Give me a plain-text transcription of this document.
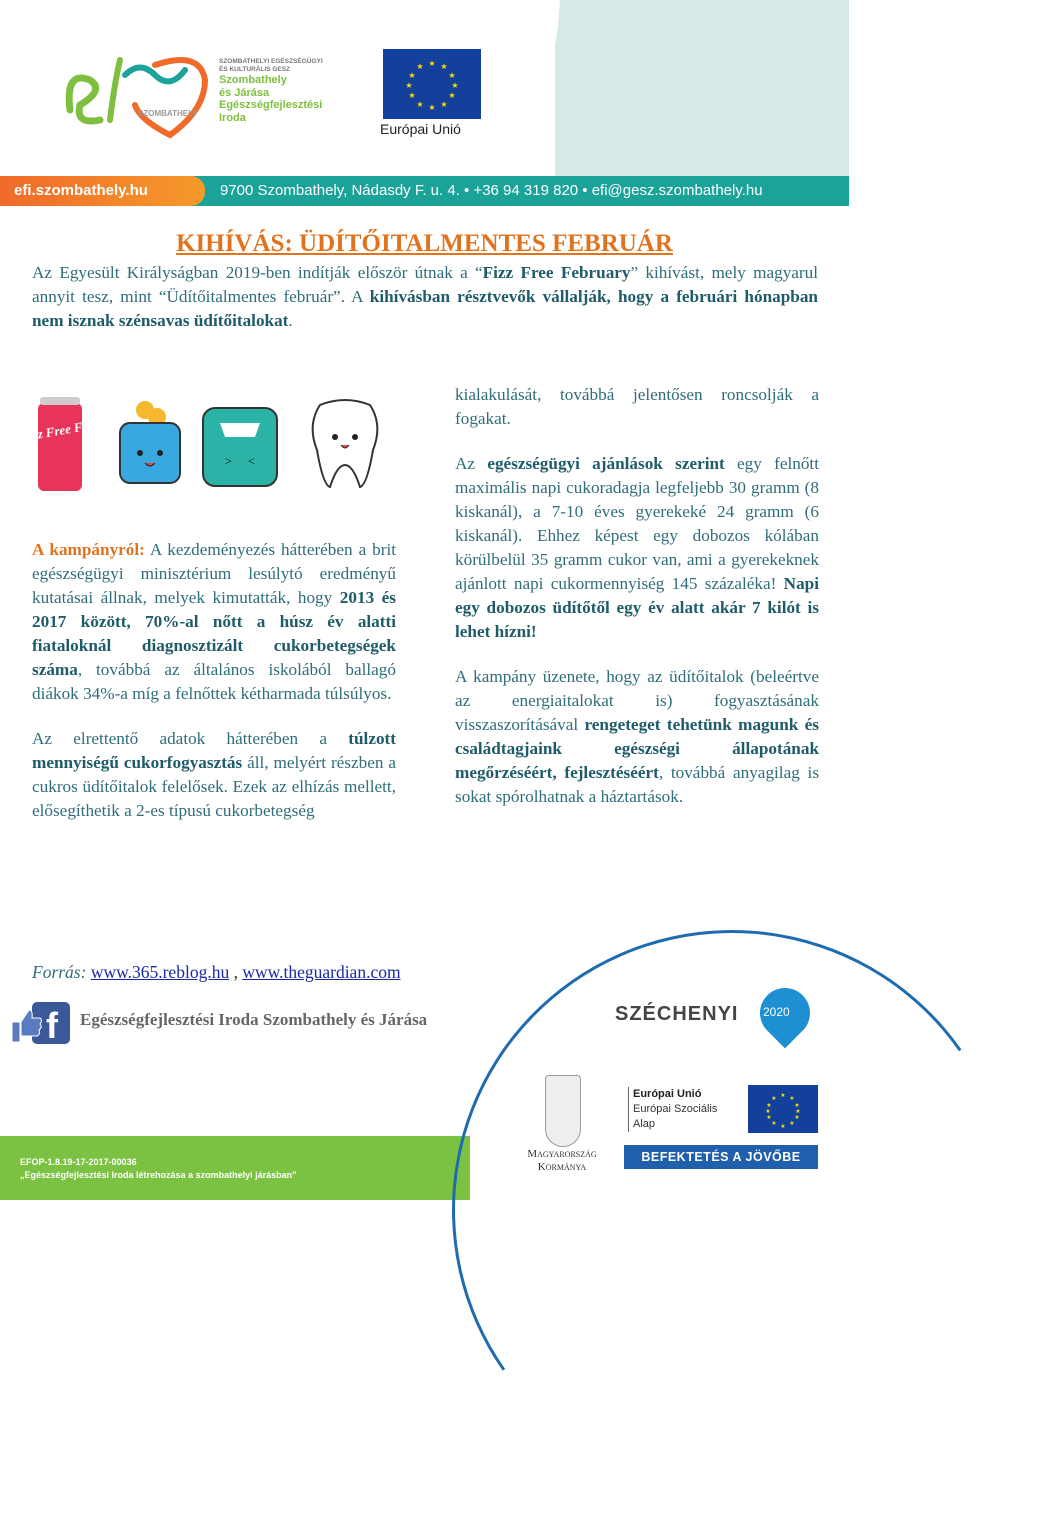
SZOMBATHELY
SZOMBATHELYI EGÉSZSÉGÜGYI
ÉS KULTURÁLIS GESZ
Szombathely
és Járása
Egészségfejlesztési
Iroda
★ ★
★
★
★
★
★
★
★
★
★
★
Európai Unió
efi.szombathely.hu	9700 Szombathely, Nádasdy F. u. 4. • +36 94 319 820 • efi@gesz.szombathely.hu
KIHÍVÁS: ÜDÍTŐITALMENTES FEBRUÁR
Az Egyesült Királyságban 2019-ben indítják először útnak a “Fizz Free February” kihívást, mely magyarul annyit tesz, mint “Üdítőitalmentes február”. A kihívásban résztvevők vállalják, hogy a februári hónapban nem isznak szénsavas üdítőitalokat.
Fizz Free Feb
> <
A kampányról: A kezdeményezés hátterében a brit egészségügyi minisztérium lesúlytó eredményű kutatásai állnak, melyek kimutatták, hogy 2013 és 2017 között, 70%-al nőtt a húsz év alatti fiataloknál diagnosztizált cukorbetegségek száma, továbbá az általános iskolából ballagó diákok 34%-a míg a felnőttek kétharmada túlsúlyos.
Az elrettentő adatok hátterében a túlzott mennyiségű cukorfogyasztás áll, melyért részben a cukros üdítőitalok felelősek. Ezek az elhízás mellett, elősegíthetik a 2-es típusú cukorbetegség
kialakulását, továbbá jelentősen roncsolják a fogakat.
Az egészségügyi ajánlások szerint egy felnőtt maximális napi cukoradagja legfeljebb 30 gramm (8 kiskanál), a 7-10 éves gyerekeké 24 gramm (6 kiskanál). Ehhez képest egy dobozos kólában körülbelül 35 gramm cukor van, ami a gyerekeknek ajánlott napi cukormennyiség 145 százaléka! Napi egy dobozos üdítőtől egy év alatt akár 7 kilót is lehet hízni!
A kampány üzenete, hogy az üdítőitalok (beleértve az energiaitalokat is) fogyasztásának visszaszorításával rengeteget tehetünk magunk és családtagjaink egészségi állapotának megőrzéséért, fejlesztéséért, továbbá anyagilag is sokat spórolhatnak a háztartások.
Forrás: www.365.reblog.hu , www.theguardian.com
f Egészségfejlesztési Iroda Szombathely és Járása
EFOP-1.8.19-17-2017-00036
„Egészségfejlesztési Iroda létrehozása a szombathelyi járásban”
SZÉCHENYI 2020
Magyarország
Kormánya
Európai Unió
Európai Szociális
Alap
★ ★
★
★
★
★
★
★
★
★
★
★
BEFEKTETÉS A JÖVŐBE
